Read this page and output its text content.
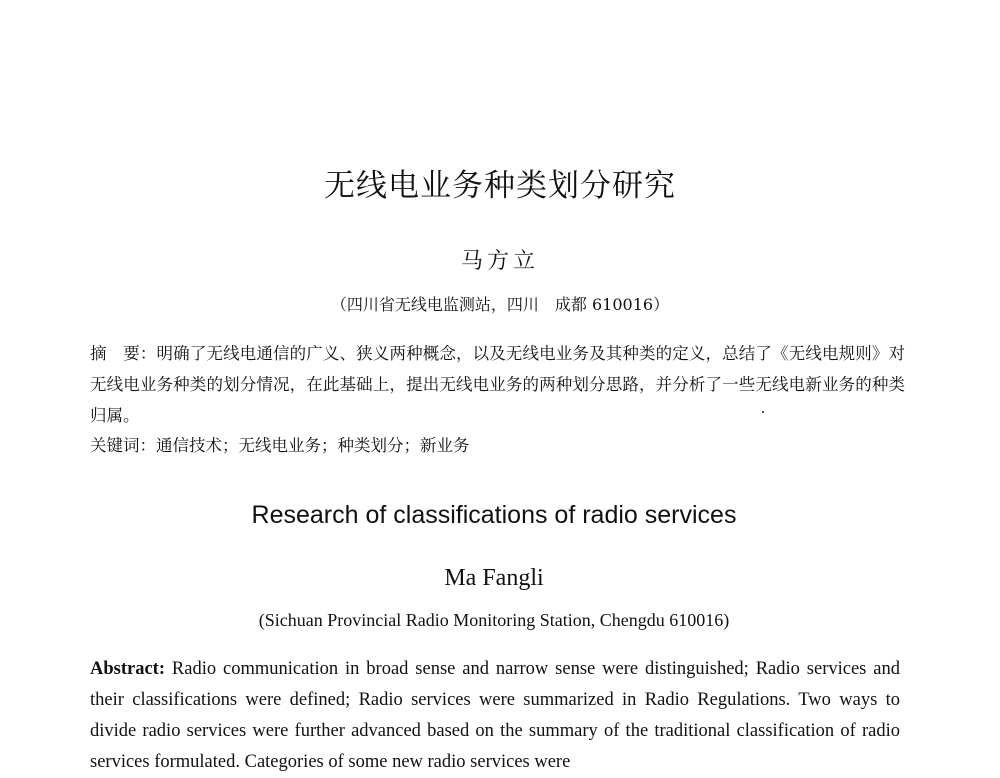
无线电业务种类划分研究
马方立
（四川省无线电监测站，四川　成都 610016）
摘　要：明确了无线电通信的广义、狭义两种概念，以及无线电业务及其种类的定义，总结了《无线电规则》对无线电业务种类的划分情况，在此基础上，提出无线电业务的两种划分思路，并分析了一些无线电新业务的种类归属。
关键词：通信技术；无线电业务；种类划分；新业务
Research of classifications of radio services
Ma Fangli
(Sichuan Provincial Radio Monitoring Station, Chengdu 610016)
Abstract: Radio communication in broad sense and narrow sense were distinguished; Radio services and their classifications were defined; Radio services were summarized in Radio Regulations. Two ways to divide radio services were further advanced based on the summary of the traditional classification of radio services formulated. Categories of some new radio services were
